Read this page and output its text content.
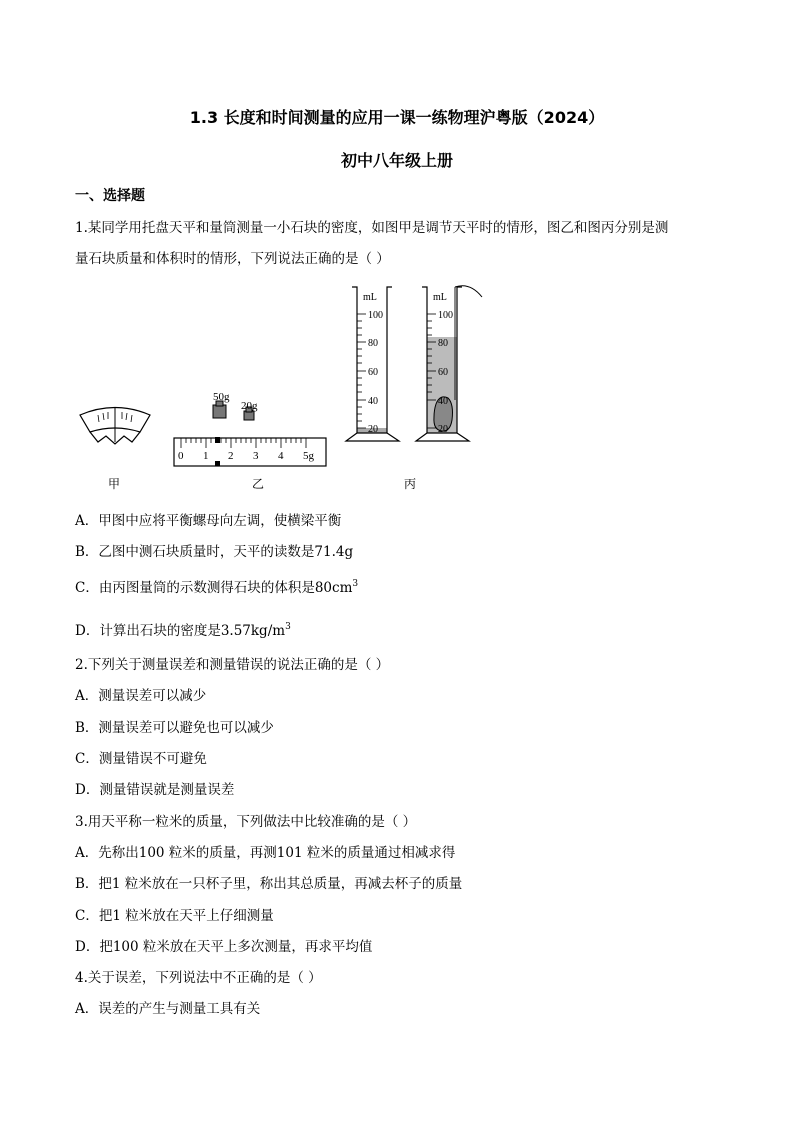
1.3 长度和时间测量的应用一课一练物理沪粤版（2024）
初中八年级上册
一、选择题
1.某同学用托盘天平和量筒测量一小石块的密度，如图甲是调节天平时的情形，图乙和图丙分别是测
量石块质量和体积时的情形，下列说法正确的是（ ）
甲
50g
20g
0 1 2 3 4 5g
乙
mL
100
80
60
40
20
mL
100
80
60
40
20
丙
A．甲图中应将平衡螺母向左调，使横梁平衡
B．乙图中测石块质量时，天平的读数是71.4g
C．由丙图量筒的示数测得石块的体积是$80cm^3$
D．计算出石块的密度是$3.57kg/m^3$
2.下列关于测量误差和测量错误的说法正确的是（ ）
A．测量误差可以减少
B．测量误差可以避免也可以减少
C．测量错误不可避免
D．测量错误就是测量误差
3.用天平称一粒米的质量，下列做法中比较准确的是（ ）
A．先称出100 粒米的质量，再测101 粒米的质量通过相减求得
B．把1 粒米放在一只杯子里，称出其总质量，再减去杯子的质量
C．把1 粒米放在天平上仔细测量
D．把100 粒米放在天平上多次测量，再求平均值
4.关于误差，下列说法中不正确的是（ ）
A．误差的产生与测量工具有关
